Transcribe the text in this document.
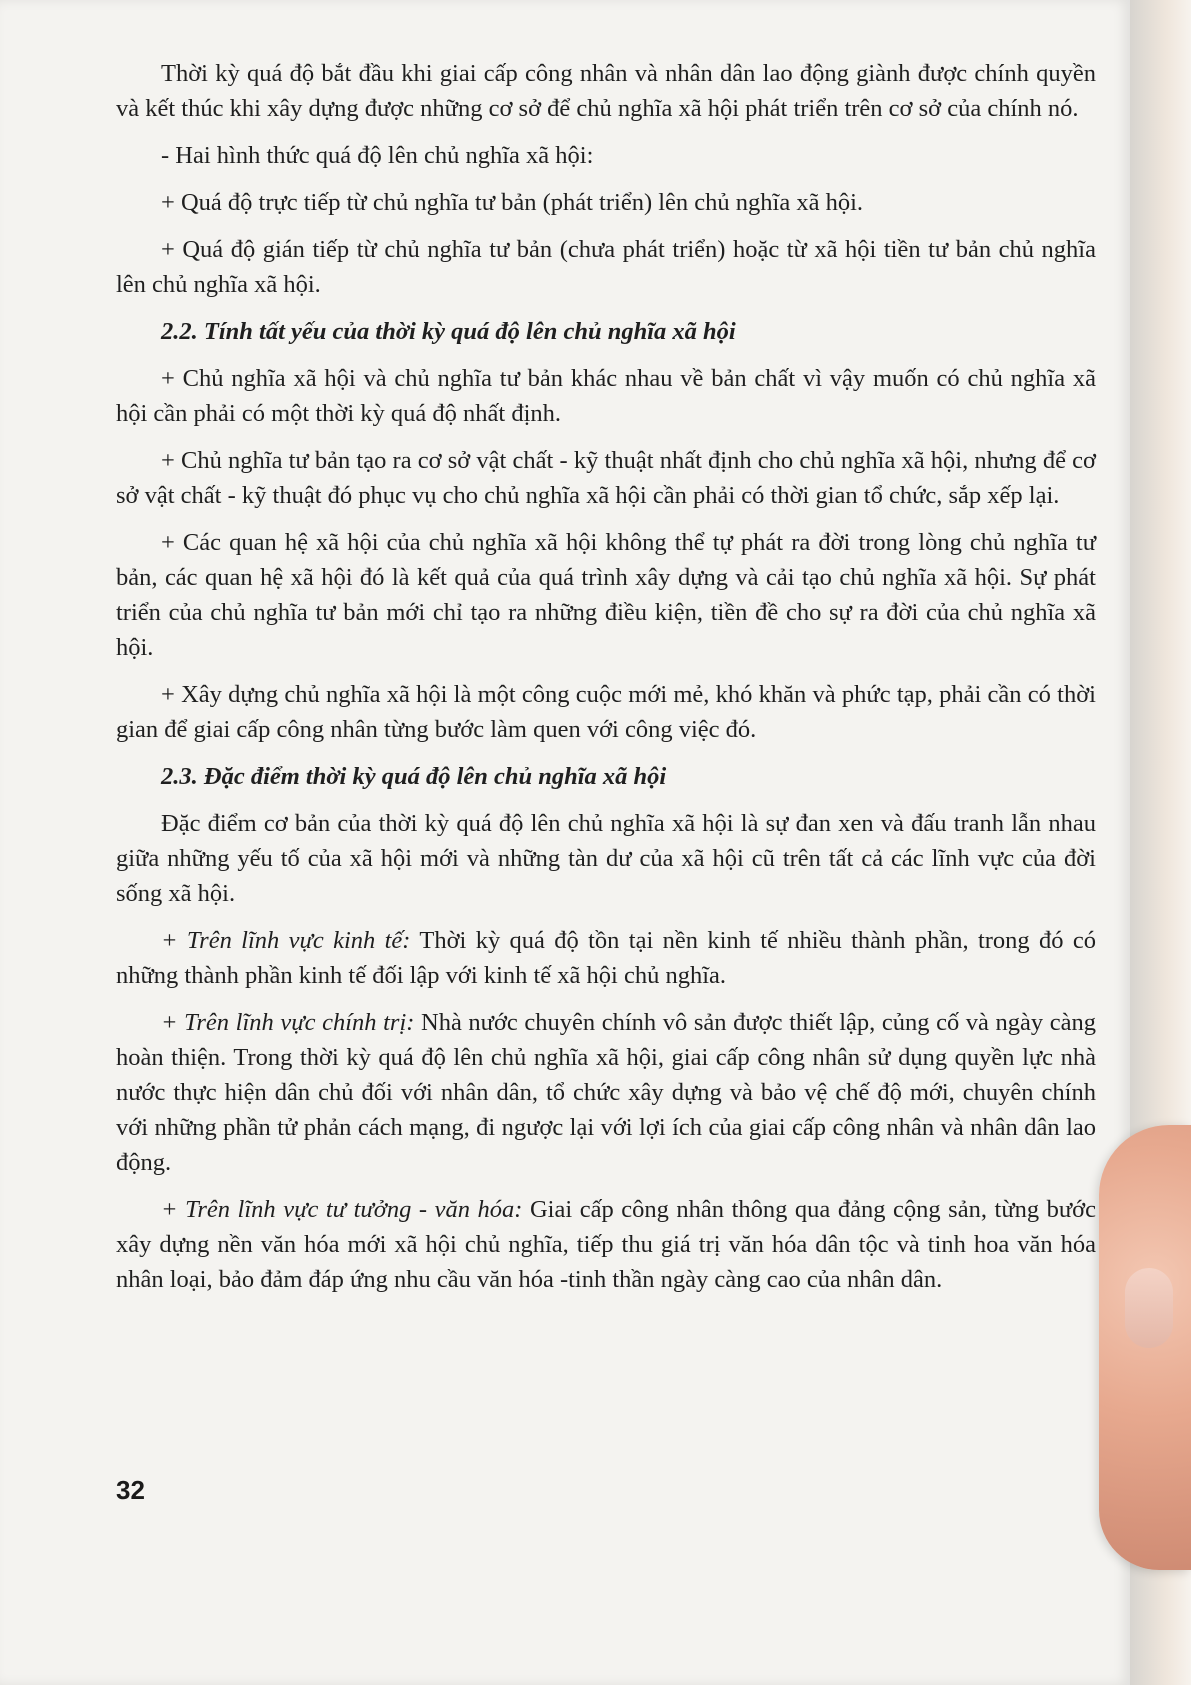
Thời kỳ quá độ bắt đầu khi giai cấp công nhân và nhân dân lao động giành được chính quyền và kết thúc khi xây dựng được những cơ sở để chủ nghĩa xã hội phát triển trên cơ sở của chính nó.

- Hai hình thức quá độ lên chủ nghĩa xã hội:

+ Quá độ trực tiếp từ chủ nghĩa tư bản (phát triển) lên chủ nghĩa xã hội.

+ Quá độ gián tiếp từ chủ nghĩa tư bản (chưa phát triển) hoặc từ xã hội tiền tư bản chủ nghĩa lên chủ nghĩa xã hội.

2.2. Tính tất yếu của thời kỳ quá độ lên chủ nghĩa xã hội

+ Chủ nghĩa xã hội và chủ nghĩa tư bản khác nhau về bản chất vì vậy muốn có chủ nghĩa xã hội cần phải có một thời kỳ quá độ nhất định.

+ Chủ nghĩa tư bản tạo ra cơ sở vật chất - kỹ thuật nhất định cho chủ nghĩa xã hội, nhưng để cơ sở vật chất - kỹ thuật đó phục vụ cho chủ nghĩa xã hội cần phải có thời gian tổ chức, sắp xếp lại.

+ Các quan hệ xã hội của chủ nghĩa xã hội không thể tự phát ra đời trong lòng chủ nghĩa tư bản, các quan hệ xã hội đó là kết quả của quá trình xây dựng và cải tạo chủ nghĩa xã hội. Sự phát triển của chủ nghĩa tư bản mới chỉ tạo ra những điều kiện, tiền đề cho sự ra đời của chủ nghĩa xã hội.

+ Xây dựng chủ nghĩa xã hội là một công cuộc mới mẻ, khó khăn và phức tạp, phải cần có thời gian để giai cấp công nhân từng bước làm quen với công việc đó.

2.3. Đặc điểm thời kỳ quá độ lên chủ nghĩa xã hội

Đặc điểm cơ bản của thời kỳ quá độ lên chủ nghĩa xã hội là sự đan xen và đấu tranh lẫn nhau giữa những yếu tố của xã hội mới và những tàn dư của xã hội cũ trên tất cả các lĩnh vực của đời sống xã hội.

+ Trên lĩnh vực kinh tế: Thời kỳ quá độ tồn tại nền kinh tế nhiều thành phần, trong đó có những thành phần kinh tế đối lập với kinh tế xã hội chủ nghĩa.

+ Trên lĩnh vực chính trị: Nhà nước chuyên chính vô sản được thiết lập, củng cố và ngày càng hoàn thiện. Trong thời kỳ quá độ lên chủ nghĩa xã hội, giai cấp công nhân sử dụng quyền lực nhà nước thực hiện dân chủ đối với nhân dân, tổ chức xây dựng và bảo vệ chế độ mới, chuyên chính với những phần tử phản cách mạng, đi ngược lại với lợi ích của giai cấp công nhân và nhân dân lao động.

+ Trên lĩnh vực tư tưởng - văn hóa: Giai cấp công nhân thông qua đảng cộng sản, từng bước xây dựng nền văn hóa mới xã hội chủ nghĩa, tiếp thu giá trị văn hóa dân tộc và tinh hoa văn hóa nhân loại, bảo đảm đáp ứng nhu cầu văn hóa -tinh thần ngày càng cao của nhân dân.

32
